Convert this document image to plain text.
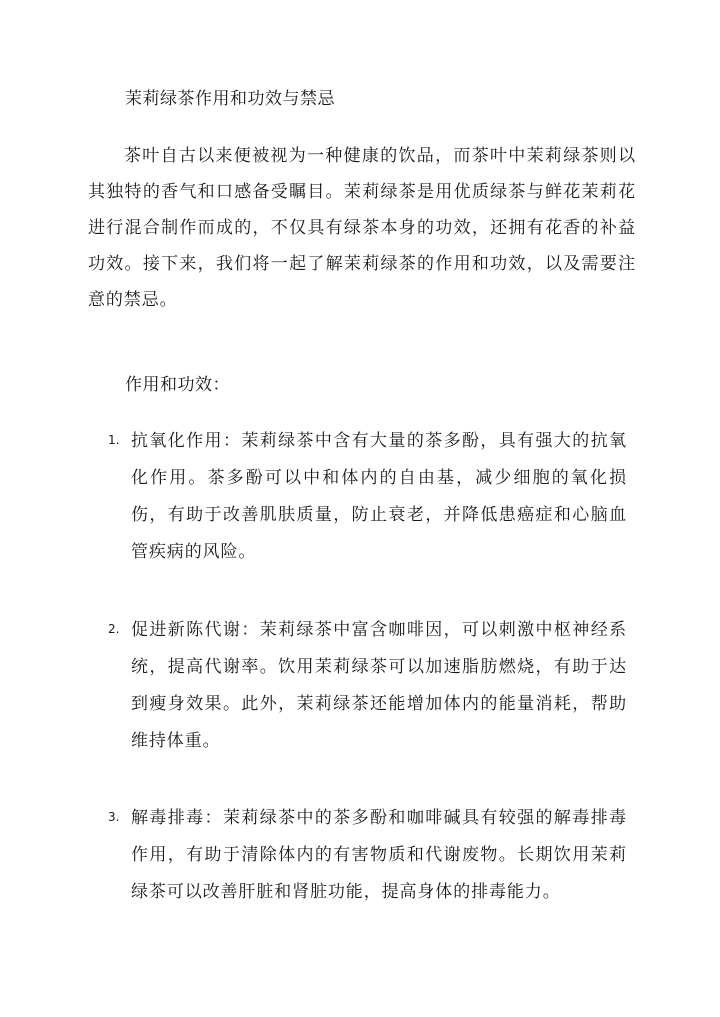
茉莉绿茶作用和功效与禁忌

茶叶自古以来便被视为一种健康的饮品，而茶叶中茉莉绿茶则以其独特的香气和口感备受瞩目。茉莉绿茶是用优质绿茶与鲜花茉莉花进行混合制作而成的，不仅具有绿茶本身的功效，还拥有花香的补益功效。接下来，我们将一起了解茉莉绿茶的作用和功效，以及需要注意的禁忌。

作用和功效：
1. 抗氧化作用：茉莉绿茶中含有大量的茶多酚，具有强大的抗氧化作用。茶多酚可以中和体内的自由基，减少细胞的氧化损伤，有助于改善肌肤质量，防止衰老，并降低患癌症和心脑血管疾病的风险。

2. 促进新陈代谢：茉莉绿茶中富含咖啡因，可以刺激中枢神经系统，提高代谢率。饮用茉莉绿茶可以加速脂肪燃烧，有助于达到瘦身效果。此外，茉莉绿茶还能增加体内的能量消耗，帮助维持体重。

3. 解毒排毒：茉莉绿茶中的茶多酚和咖啡碱具有较强的解毒排毒作用，有助于清除体内的有害物质和代谢废物。长期饮用茉莉绿茶可以改善肝脏和肾脏功能，提高身体的排毒能力。
